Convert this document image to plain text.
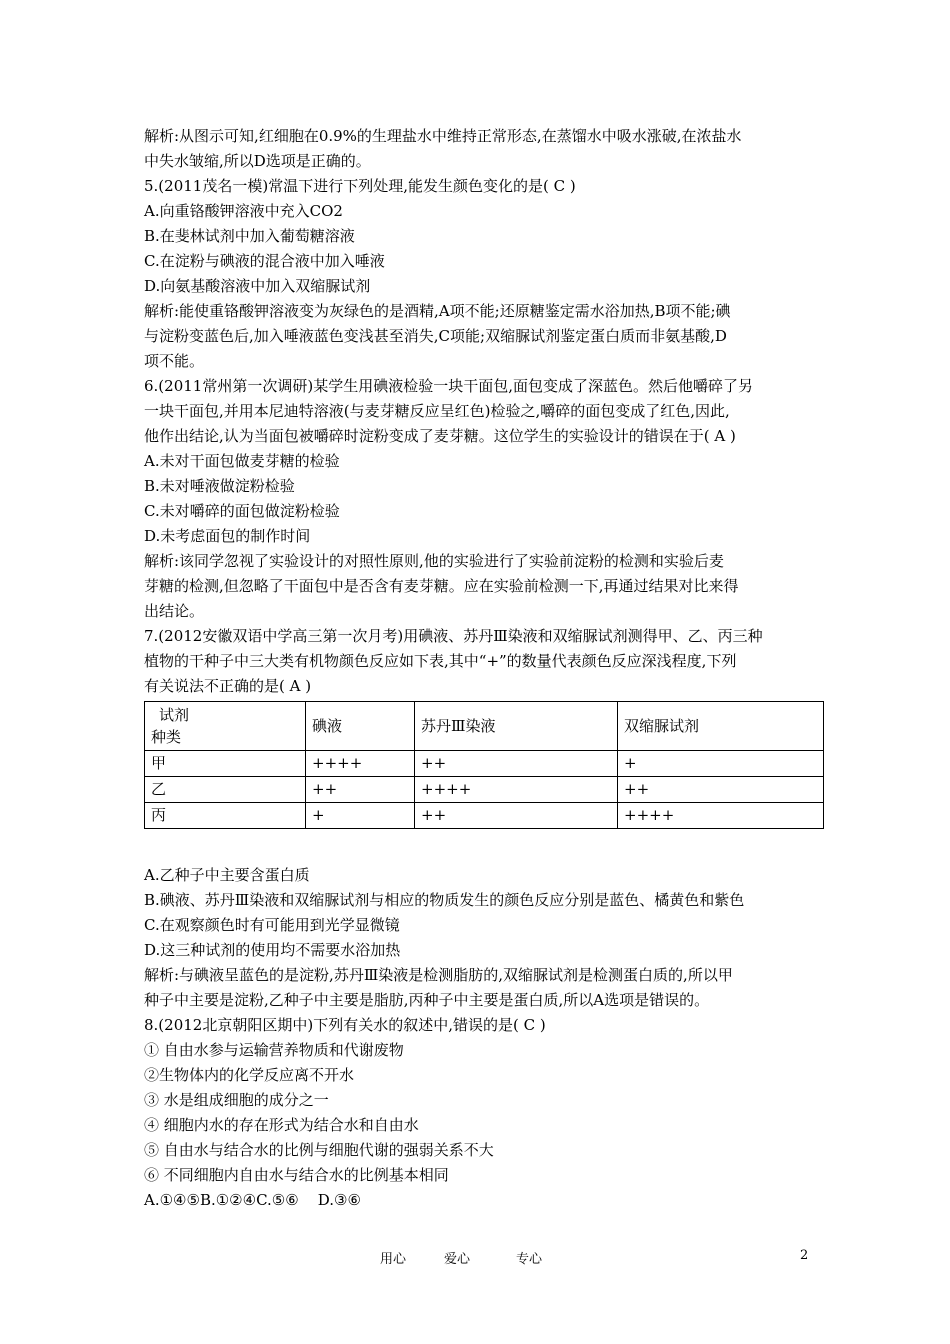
解析:从图示可知,红细胞在0.9%的生理盐水中维持正常形态,在蒸馏水中吸水涨破,在浓盐水

中失水皱缩,所以D选项是正确的。

5.(2011茂名一模)常温下进行下列处理,能发生颜色变化的是( C )

A.向重铬酸钾溶液中充入CO2

B.在斐林试剂中加入葡萄糖溶液

C.在淀粉与碘液的混合液中加入唾液

D.向氨基酸溶液中加入双缩脲试剂

解析:能使重铬酸钾溶液变为灰绿色的是酒精,A项不能;还原糖鉴定需水浴加热,B项不能;碘

与淀粉变蓝色后,加入唾液蓝色变浅甚至消失,C项能;双缩脲试剂鉴定蛋白质而非氨基酸,D

项不能。

6.(2011常州第一次调研)某学生用碘液检验一块干面包,面包变成了深蓝色。然后他嚼碎了另

一块干面包,并用本尼迪特溶液(与麦芽糖反应呈红色)检验之,嚼碎的面包变成了红色,因此,

他作出结论,认为当面包被嚼碎时淀粉变成了麦芽糖。这位学生的实验设计的错误在于( A )

A.未对干面包做麦芽糖的检验

B.未对唾液做淀粉检验

C.未对嚼碎的面包做淀粉检验

D.未考虑面包的制作时间

解析:该同学忽视了实验设计的对照性原则,他的实验进行了实验前淀粉的检测和实验后麦

芽糖的检测,但忽略了干面包中是否含有麦芽糖。应在实验前检测一下,再通过结果对比来得

出结论。

7.(2012安徽双语中学高三第一次月考)用碘液、苏丹Ⅲ染液和双缩脲试剂测得甲、乙、丙三种

植物的干种子中三大类有机物颜色反应如下表,其中“+”的数量代表颜色反应深浅程度,下列

有关说法不正确的是( A )

试剂
种类	碘液	苏丹Ⅲ染液	双缩脲试剂
甲	++++	++	+
乙	++	++++	++
丙	+	++	++++

A.乙种子中主要含蛋白质

B.碘液、苏丹Ⅲ染液和双缩脲试剂与相应的物质发生的颜色反应分别是蓝色、橘黄色和紫色

C.在观察颜色时有可能用到光学显微镜

D.这三种试剂的使用均不需要水浴加热

解析:与碘液呈蓝色的是淀粉,苏丹Ⅲ染液是检测脂肪的,双缩脲试剂是检测蛋白质的,所以甲

种子中主要是淀粉,乙种子中主要是脂肪,丙种子中主要是蛋白质,所以A选项是错误的。

8.(2012北京朝阳区期中)下列有关水的叙述中,错误的是( C )

① 自由水参与运输营养物质和代谢废物

②生物体内的化学反应离不开水

③ 水是组成细胞的成分之一

④ 细胞内水的存在形式为结合水和自由水

⑤ 自由水与结合水的比例与细胞代谢的强弱关系不大

⑥ 不同细胞内自由水与结合水的比例基本相同

A.①④⑤B.①②④C.⑤⑥    D.③⑥

用心	爱心	专心	2
